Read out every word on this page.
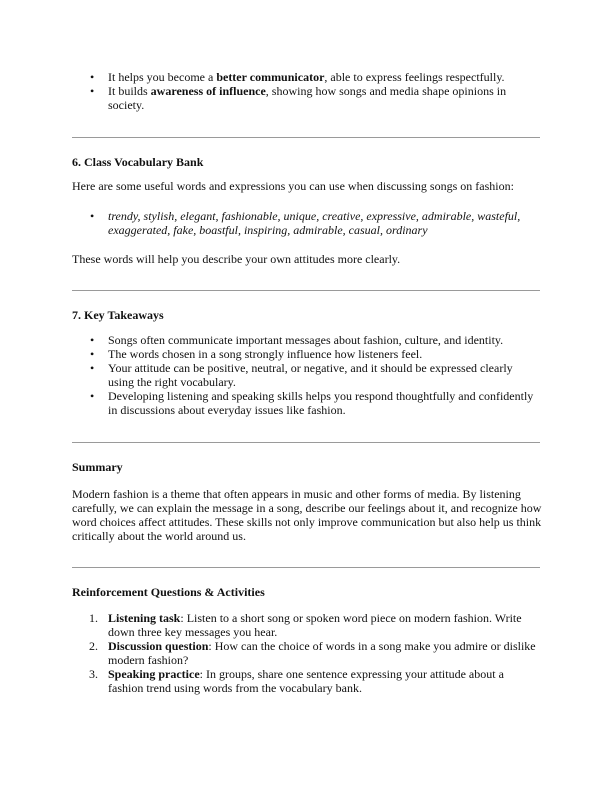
• It helps you become a better communicator, able to express feelings respectfully.
• It builds awareness of influence, showing how songs and media shape opinions in society.
6. Class Vocabulary Bank
Here are some useful words and expressions you can use when discussing songs on fashion:
• trendy, stylish, elegant, fashionable, unique, creative, expressive, admirable, wasteful, exaggerated, fake, boastful, inspiring, admirable, casual, ordinary
These words will help you describe your own attitudes more clearly.
7. Key Takeaways
• Songs often communicate important messages about fashion, culture, and identity.
• The words chosen in a song strongly influence how listeners feel.
• Your attitude can be positive, neutral, or negative, and it should be expressed clearly using the right vocabulary.
• Developing listening and speaking skills helps you respond thoughtfully and confidently in discussions about everyday issues like fashion.
Summary
Modern fashion is a theme that often appears in music and other forms of media. By listening carefully, we can explain the message in a song, describe our feelings about it, and recognize how word choices affect attitudes. These skills not only improve communication but also help us think critically about the world around us.
Reinforcement Questions & Activities
1. Listening task: Listen to a short song or spoken word piece on modern fashion. Write down three key messages you hear.
2. Discussion question: How can the choice of words in a song make you admire or dislike modern fashion?
3. Speaking practice: In groups, share one sentence expressing your attitude about a fashion trend using words from the vocabulary bank.
